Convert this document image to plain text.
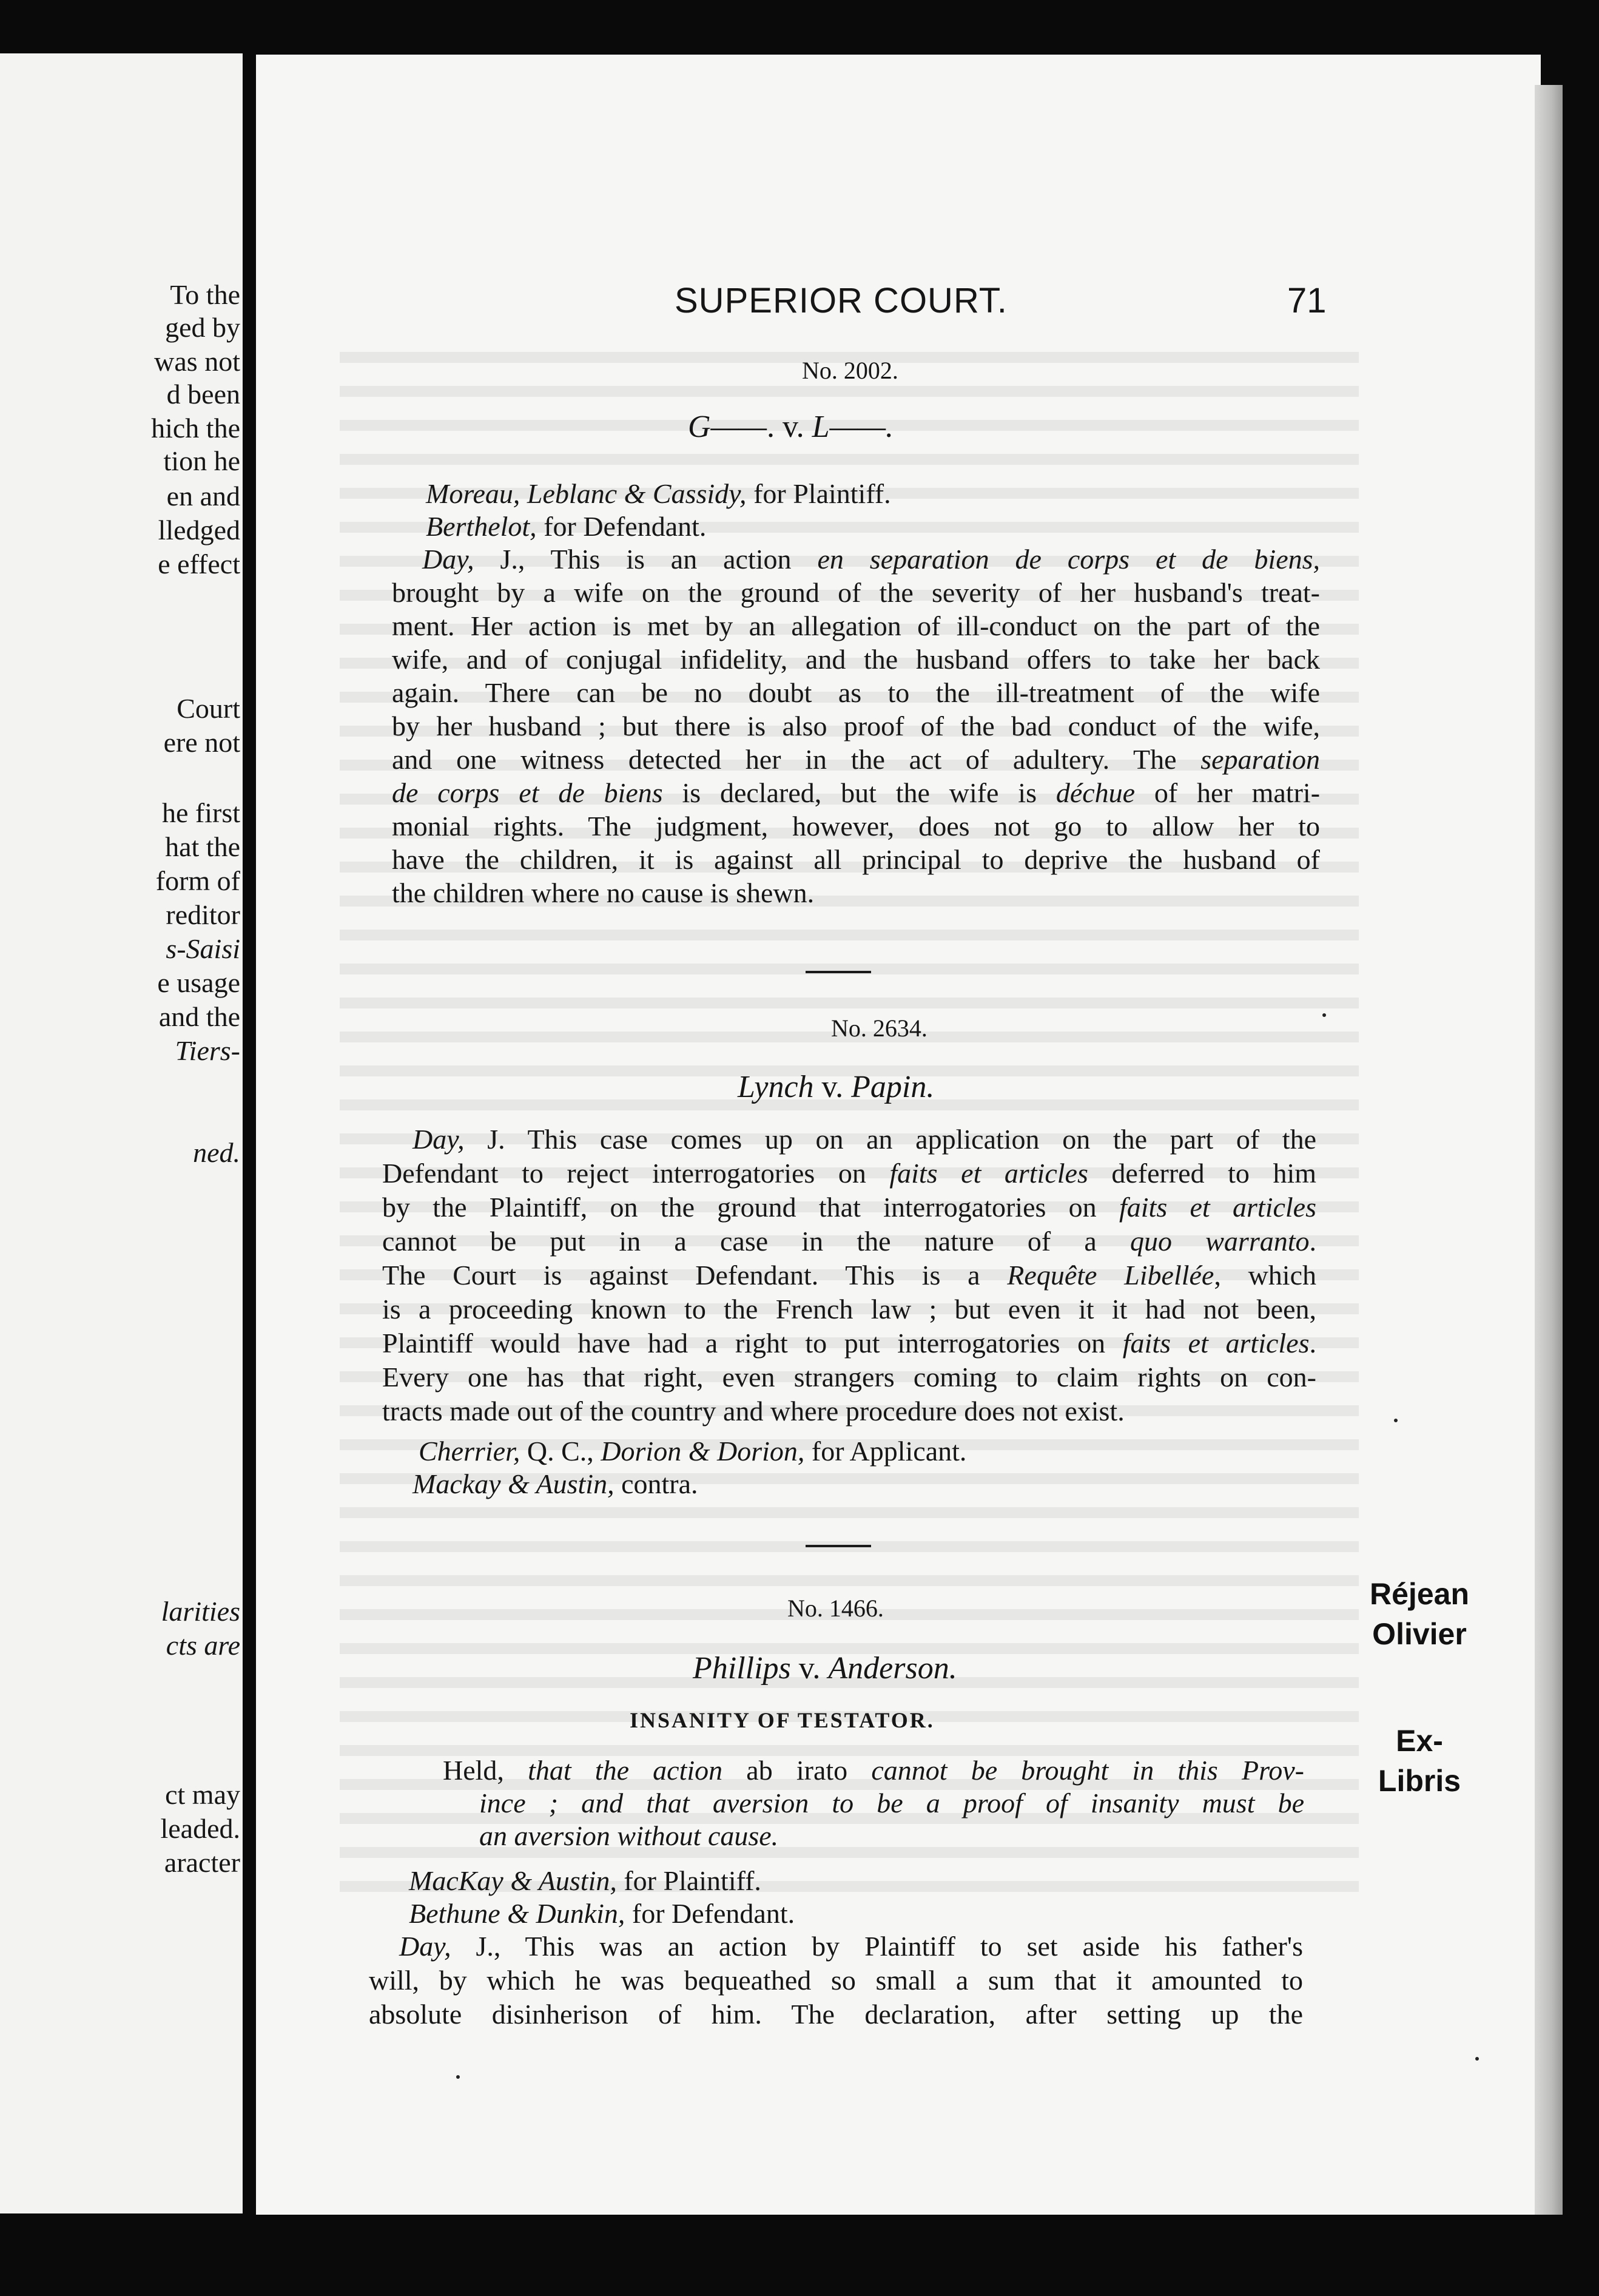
To the
ged by
was not
d been
hich the
tion he
en and
lledged
e effect
Court
ere not
he first
hat the
form of
reditor
s-Saisi
e usage
and the
Tiers-
ned.
larities
cts are
ct may
leaded.
aracter
SUPERIOR COURT.	71
No. 2002.
G——. v. L——.
Moreau, Leblanc & Cassidy, for Plaintiff.
Berthelot, for Defendant.
Day, J., This is an action en separation de corps et de biens,
brought by a wife on the ground of the severity of her husband's treat-
ment. Her action is met by an allegation of ill-conduct on the part of the
wife, and of conjugal infidelity, and the husband offers to take her back
again. There can be no doubt as to the ill-treatment of the wife
by her husband ; but there is also proof of the bad conduct of the wife,
and one witness detected her in the act of adultery. The separation
de corps et de biens is declared, but the wife is déchue of her matri-
monial rights. The judgment, however, does not go to allow her to
have the children, it is against all principal to deprive the husband of
the children where no cause is shewn.
No. 2634.
Lynch v. Papin.
Day, J. This case comes up on an application on the part of the
Defendant to reject interrogatories on faits et articles deferred to him
by the Plaintiff, on the ground that interrogatories on faits et articles
cannot be put in a case in the nature of a quo warranto.
The Court is against Defendant. This is a Requête Libellée, which
is a proceeding known to the French law ; but even it it had not been,
Plaintiff would have had a right to put interrogatories on faits et articles.
Every one has that right, even strangers coming to claim rights on con-
tracts made out of the country and where procedure does not exist.
Cherrier, Q. C., Dorion & Dorion, for Applicant.
Mackay & Austin, contra.
No. 1466.
Phillips v. Anderson.
INSANITY OF TESTATOR.
Held, that the action ab irato cannot be brought in this Prov-
ince ; and that aversion to be a proof of insanity must be
an aversion without cause.
MacKay & Austin, for Plaintiff.
Bethune & Dunkin, for Defendant.
Day, J., This was an action by Plaintiff to set aside his father's
will, by which he was bequeathed so small a sum that it amounted to
absolute disinherison of him. The declaration, after setting up the
Réjean
Olivier
Ex-Libris
